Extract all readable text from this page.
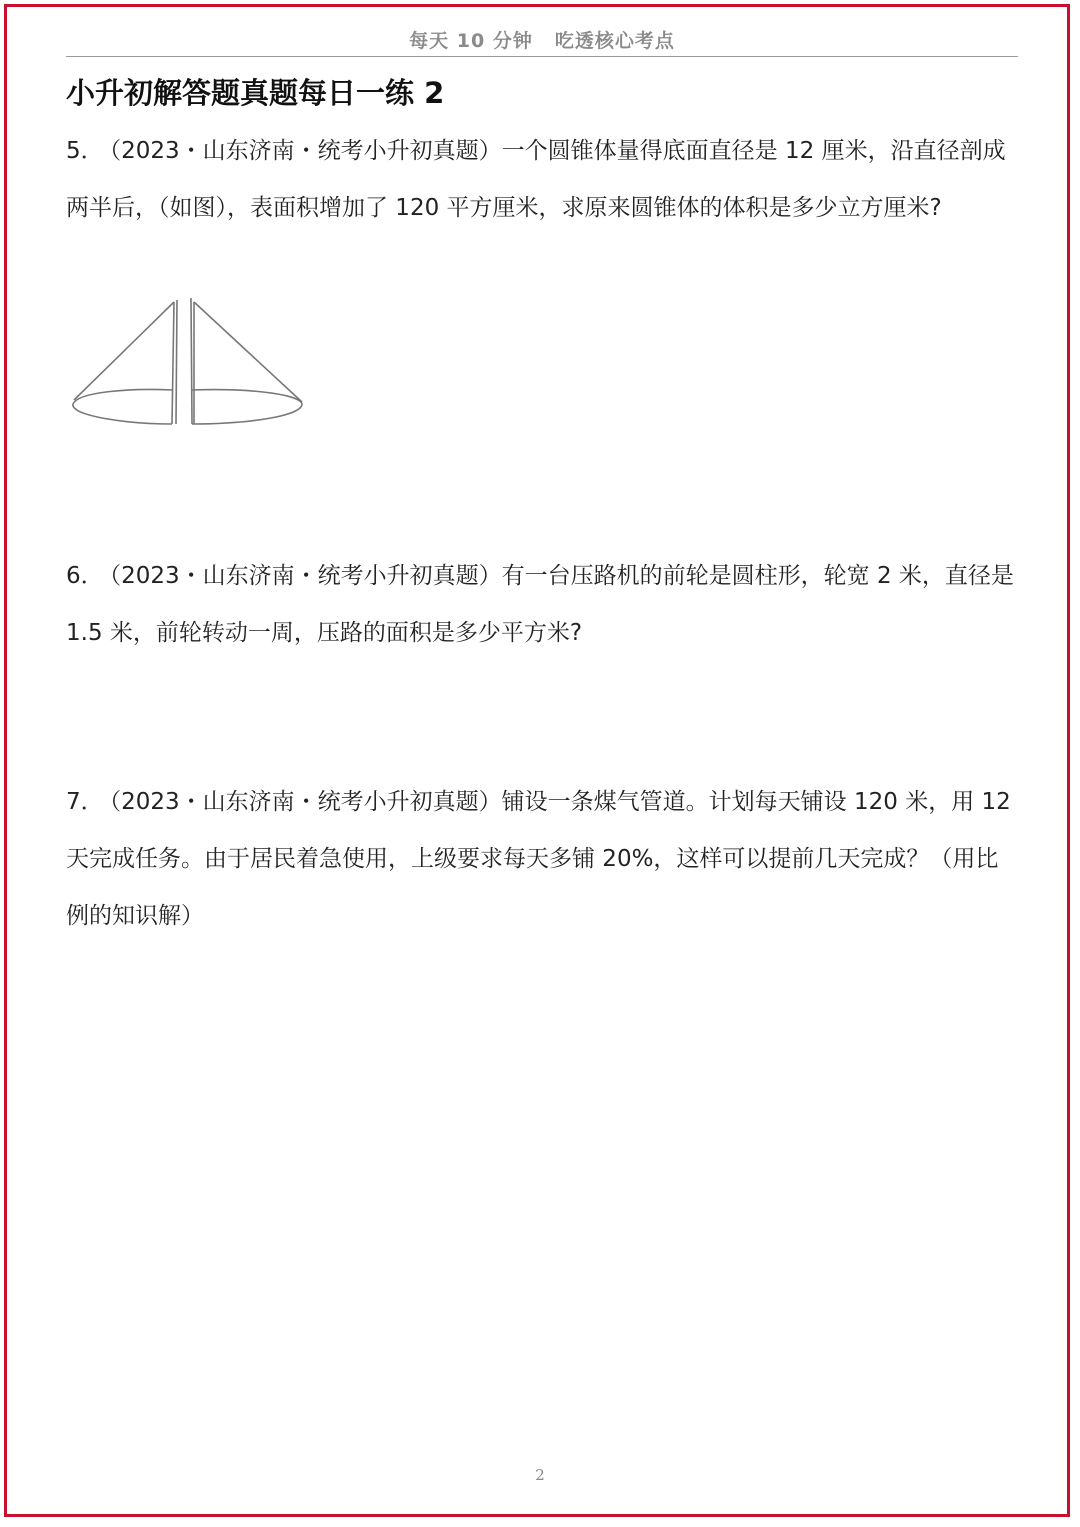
每天 10 分钟 吃透核心考点
小升初解答题真题每日一练 2

5． （2023・山东济南・统考小升初真题）一个圆锥体量得底面直径是 12 厘米，沿直径剖成两半后，（如图），表面积增加了 120 平方厘米，求原来圆锥体的体积是多少立方厘米?

6． （2023・山东济南・统考小升初真题）有一台压路机的前轮是圆柱形，轮宽 2 米，直径是 1.5 米，前轮转动一周，压路的面积是多少平方米?

7． （2023・山东济南・统考小升初真题）铺设一条煤气管道。计划每天铺设 120 米，用 12 天完成任务。由于居民着急使用，上级要求每天多铺 20%，这样可以提前几天完成？（用比例的知识解）

2
